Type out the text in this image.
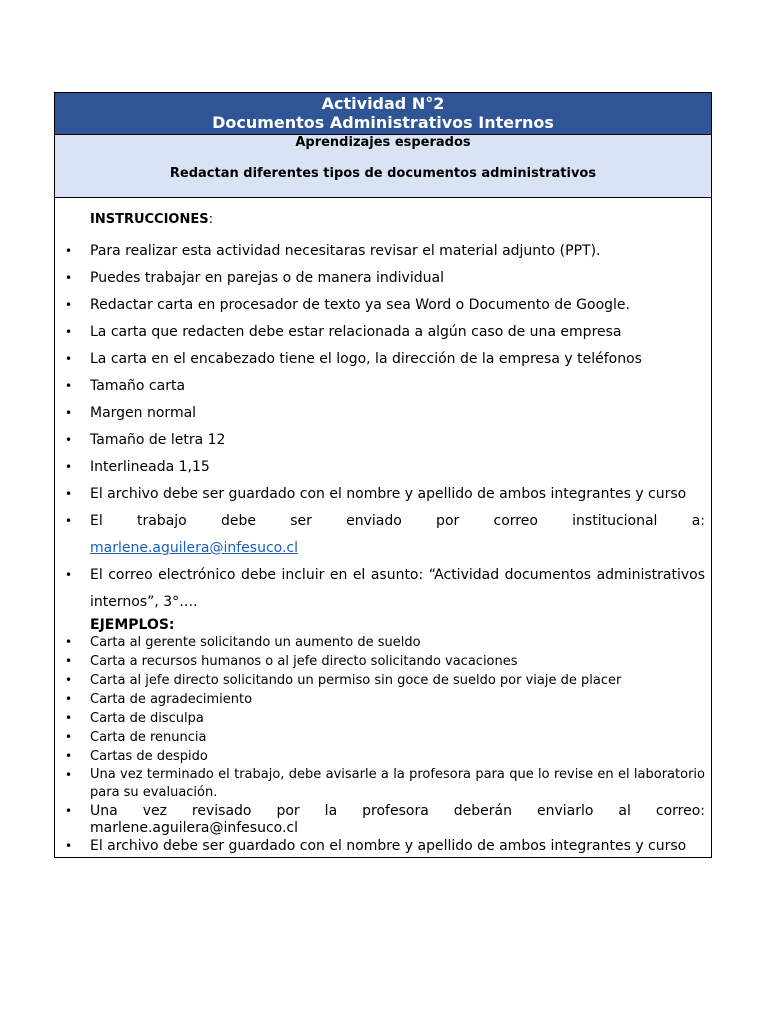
Actividad N°2
Documentos Administrativos Internos
Aprendizajes esperados
Redactan diferentes tipos de documentos administrativos
INSTRUCCIONES:
• Para realizar esta actividad necesitaras revisar el material adjunto (PPT).
• Puedes trabajar en parejas o de manera individual
• Redactar carta en procesador de texto ya sea Word o Documento de Google.
• La carta que redacten debe estar relacionada a algún caso de una empresa
• La carta en el encabezado tiene el logo, la dirección de la empresa y teléfonos
• Tamaño carta
• Margen normal
• Tamaño de letra 12
• Interlineada 1,15
• El archivo debe ser guardado con el nombre y apellido de ambos integrantes y curso
• El trabajo debe ser enviado por correo institucional a:
marlene.aguilera@infesuco.cl
• El correo electrónico debe incluir en el asunto: “Actividad documentos administrativos internos”, 3°….
EJEMPLOS:
• Carta al gerente solicitando un aumento de sueldo
• Carta a recursos humanos o al jefe directo solicitando vacaciones
• Carta al jefe directo solicitando un permiso sin goce de sueldo por viaje de placer
• Carta de agradecimiento
• Carta de disculpa
• Carta de renuncia
• Cartas de despido
• Una vez terminado el trabajo, debe avisarle a la profesora para que lo revise en el laboratorio para su evaluación.
• Una vez revisado por la profesora deberán enviarlo al correo: marlene.aguilera@infesuco.cl
• El archivo debe ser guardado con el nombre y apellido de ambos integrantes y curso
